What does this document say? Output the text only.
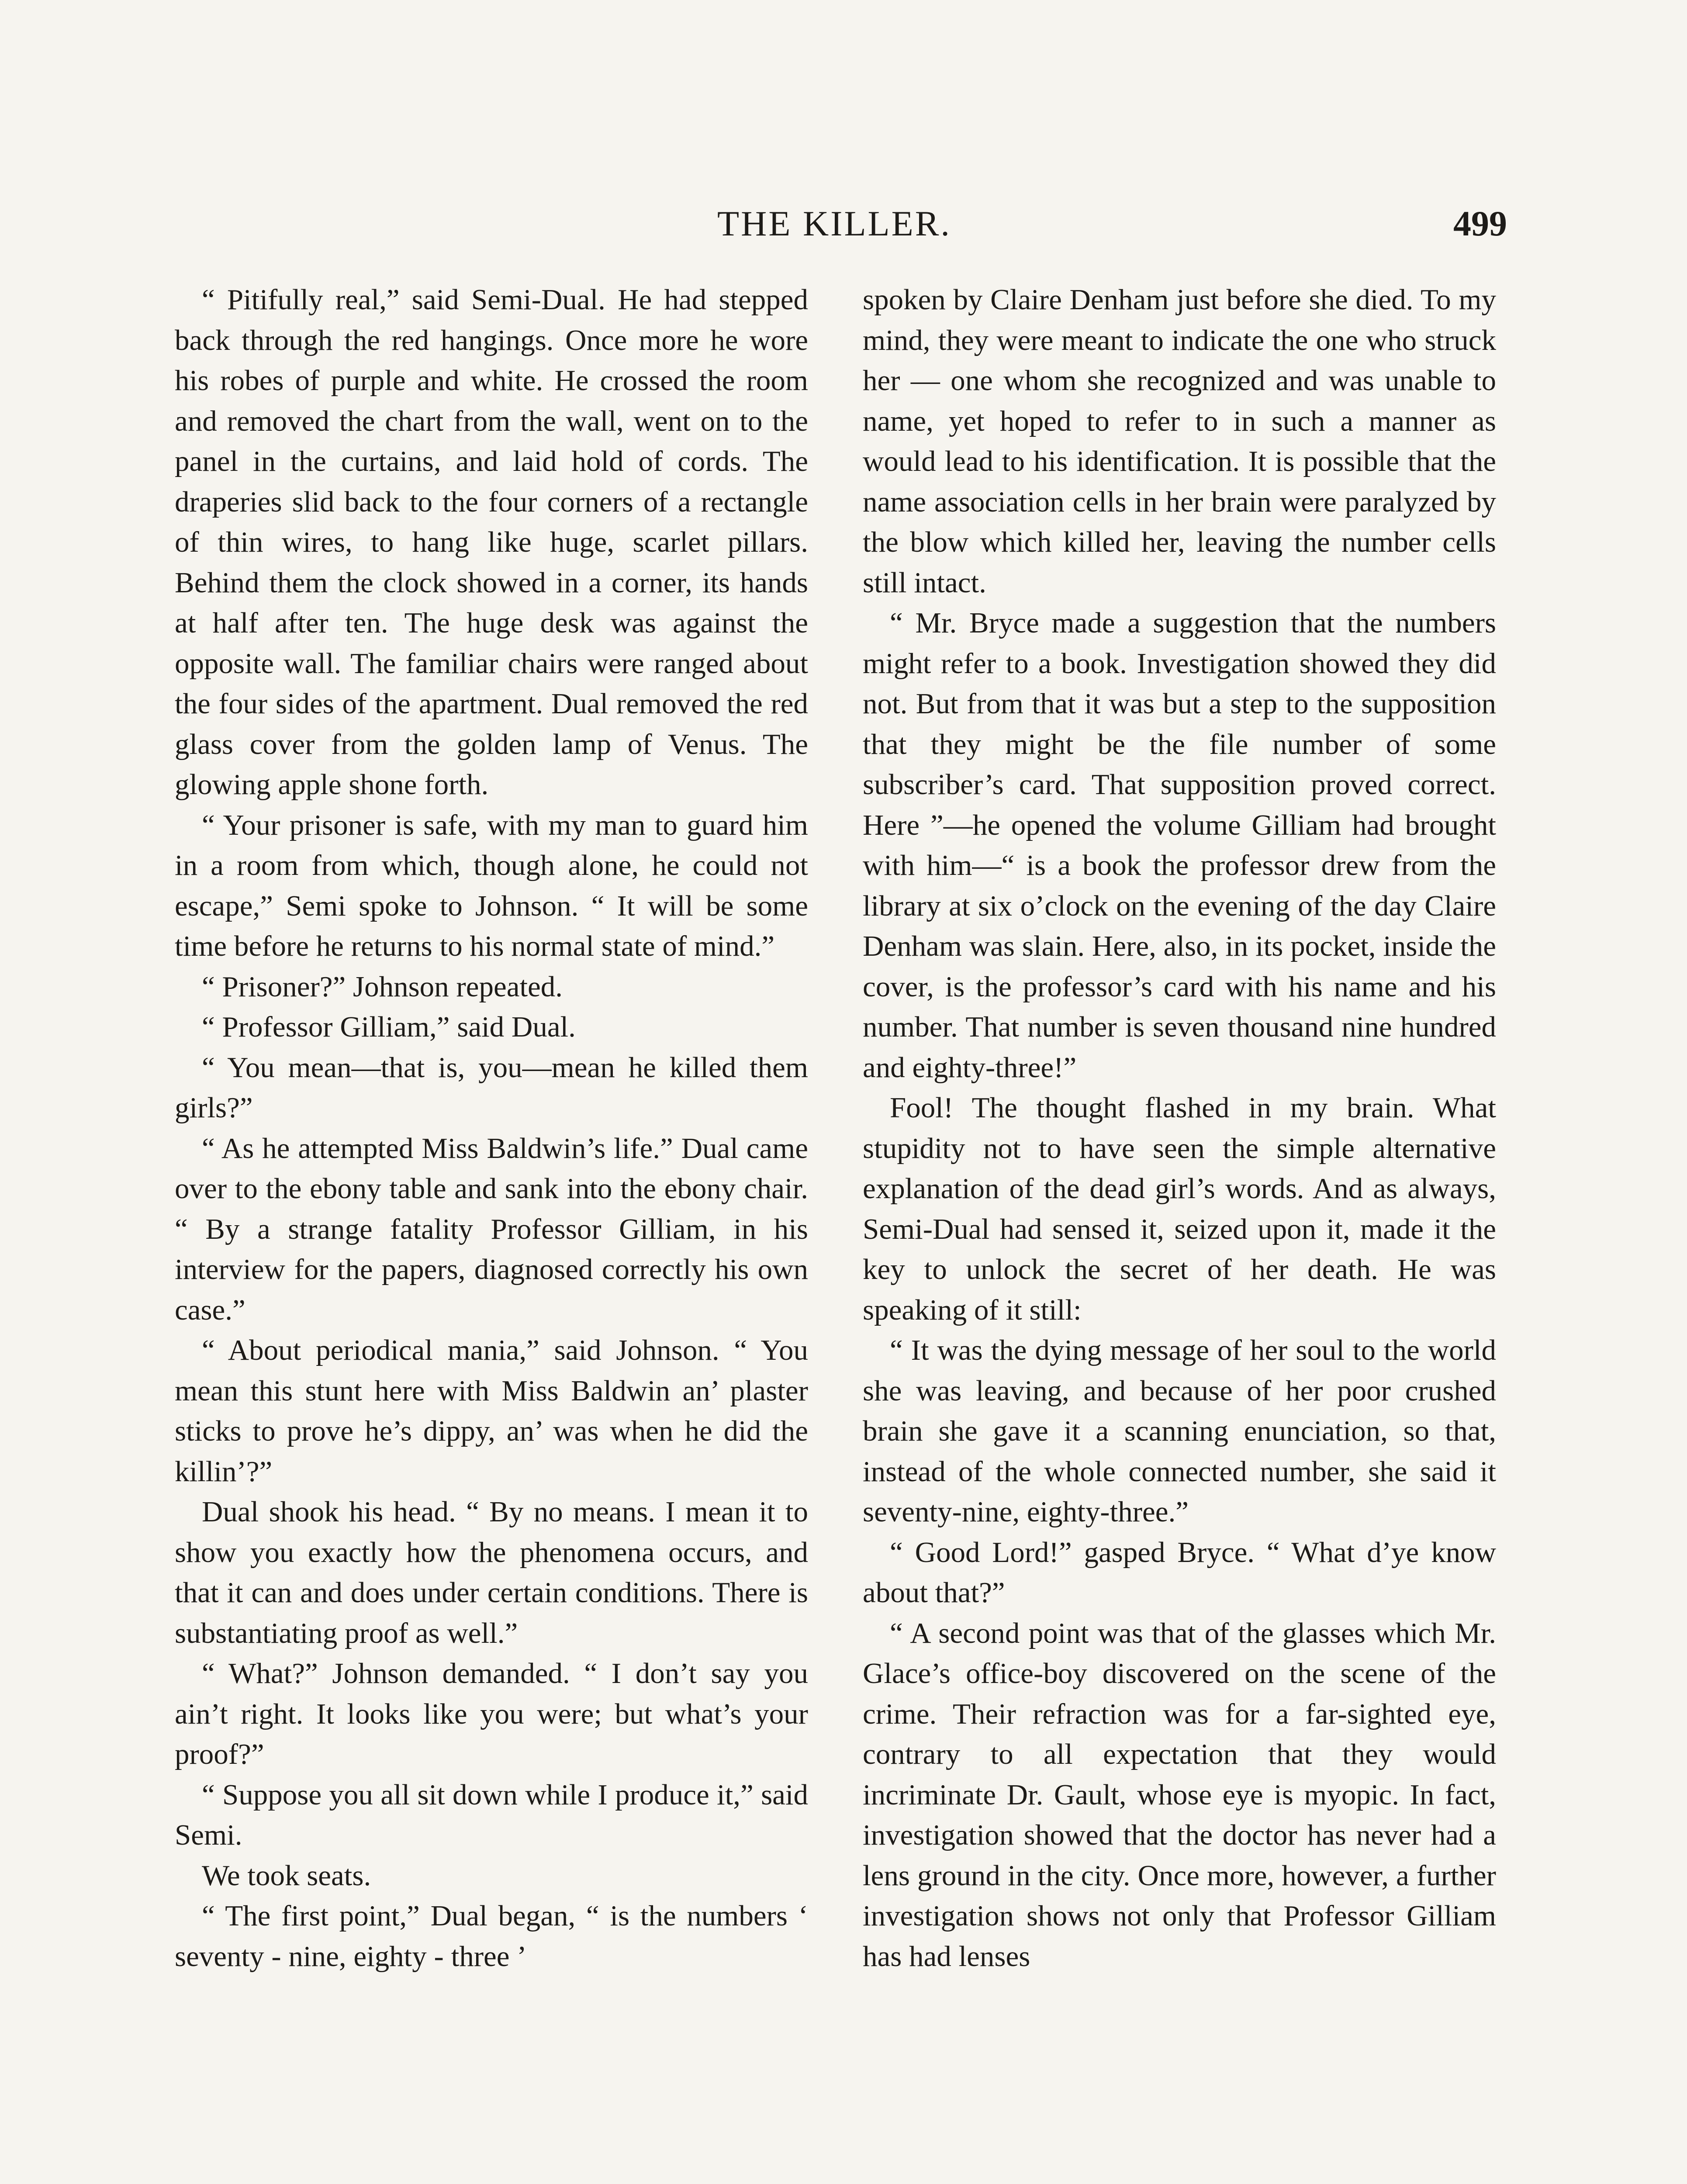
THE KILLER.	499

“ Pitifully real,” said Semi-Dual. He had stepped back through the red hangings. Once more he wore his robes of purple and white. He crossed the room and removed the chart from the wall, went on to the panel in the curtains, and laid hold of cords. The draperies slid back to the four corners of a rectangle of thin wires, to hang like huge, scarlet pillars. Behind them the clock showed in a corner, its hands at half after ten. The huge desk was against the opposite wall. The familiar chairs were ranged about the four sides of the apartment. Dual removed the red glass cover from the golden lamp of Venus. The glowing apple shone forth.

“ Your prisoner is safe, with my man to guard him in a room from which, though alone, he could not escape,” Semi spoke to Johnson. “ It will be some time before he returns to his normal state of mind.”

“ Prisoner?” Johnson repeated.

“ Professor Gilliam,” said Dual.

“ You mean—that is, you—mean he killed them girls?”

“ As he attempted Miss Baldwin’s life.” Dual came over to the ebony table and sank into the ebony chair. “ By a strange fatality Professor Gilliam, in his interview for the papers, diagnosed correctly his own case.”

“ About periodical mania,” said Johnson. “ You mean this stunt here with Miss Baldwin an’ plaster sticks to prove he’s dippy, an’ was when he did the killin’?”

Dual shook his head. “ By no means. I mean it to show you exactly how the phenomena occurs, and that it can and does under certain conditions. There is substantiating proof as well.”

“ What?” Johnson demanded. “ I don’t say you ain’t right. It looks like you were; but what’s your proof?”

“ Suppose you all sit down while I produce it,” said Semi.

We took seats.

“ The first point,” Dual began, “ is the numbers ‘ seventy - nine, eighty - three ’

spoken by Claire Denham just before she died. To my mind, they were meant to indicate the one who struck her — one whom she recognized and was unable to name, yet hoped to refer to in such a manner as would lead to his identification. It is possible that the name association cells in her brain were paralyzed by the blow which killed her, leaving the number cells still intact.

“ Mr. Bryce made a suggestion that the numbers might refer to a book. Investigation showed they did not. But from that it was but a step to the supposition that they might be the file number of some subscriber’s card. That supposition proved correct. Here ”—he opened the volume Gilliam had brought with him—“ is a book the professor drew from the library at six o’clock on the evening of the day Claire Denham was slain. Here, also, in its pocket, inside the cover, is the professor’s card with his name and his number. That number is seven thousand nine hundred and eighty-three!”

Fool! The thought flashed in my brain. What stupidity not to have seen the simple alternative explanation of the dead girl’s words. And as always, Semi-Dual had sensed it, seized upon it, made it the key to unlock the secret of her death. He was speaking of it still:

“ It was the dying message of her soul to the world she was leaving, and because of her poor crushed brain she gave it a scanning enunciation, so that, instead of the whole connected number, she said it seventy-nine, eighty-three.”

“ Good Lord!” gasped Bryce. “ What d’ye know about that?”

“ A second point was that of the glasses which Mr. Glace’s office-boy discovered on the scene of the crime. Their refraction was for a far-sighted eye, contrary to all expectation that they would incriminate Dr. Gault, whose eye is myopic. In fact, investigation showed that the doctor has never had a lens ground in the city. Once more, however, a further investigation shows not only that Professor Gilliam has had lenses
